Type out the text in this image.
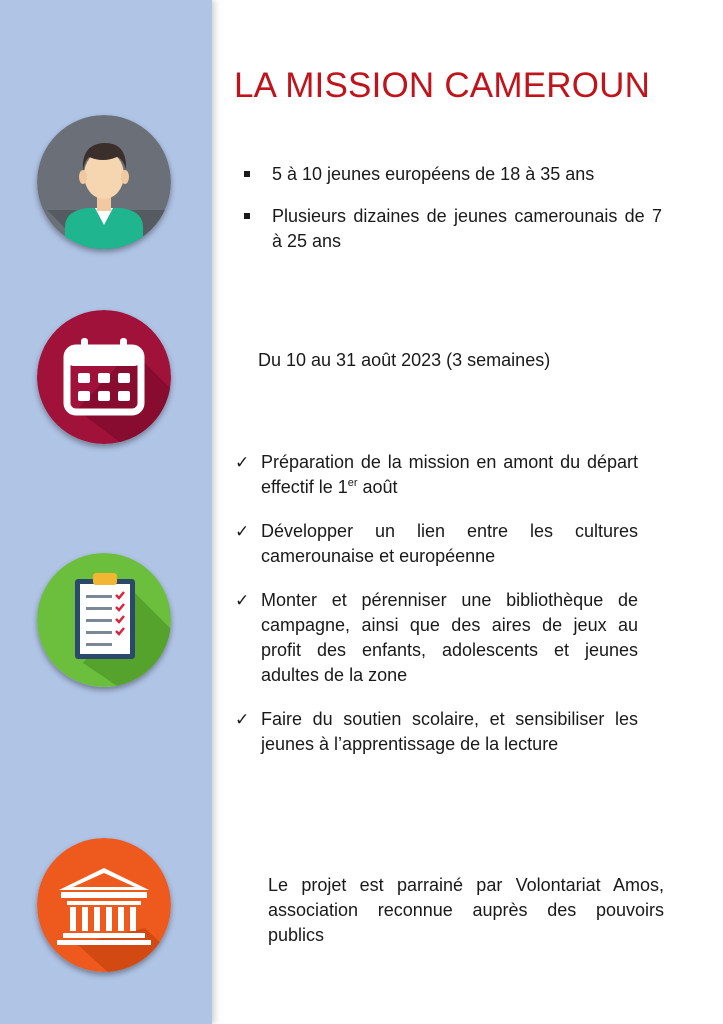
LA MISSION CAMEROUN
5 à 10 jeunes européens de 18 à 35 ans
Plusieurs dizaines de jeunes camerounais de 7 à 25 ans

Du 10 au 31 août 2023 (3 semaines)

✓ Préparation de la mission en amont du départ effectif le 1er août
✓ Développer un lien entre les cultures camerounaise et européenne
✓ Monter et pérenniser une bibliothèque de campagne, ainsi que des aires de jeux au profit des enfants, adolescents et jeunes adultes de la zone
✓ Faire du soutien scolaire, et sensibiliser les jeunes à l’apprentissage de la lecture

Le projet est parrainé par Volontariat Amos, association reconnue auprès des pouvoirs publics
